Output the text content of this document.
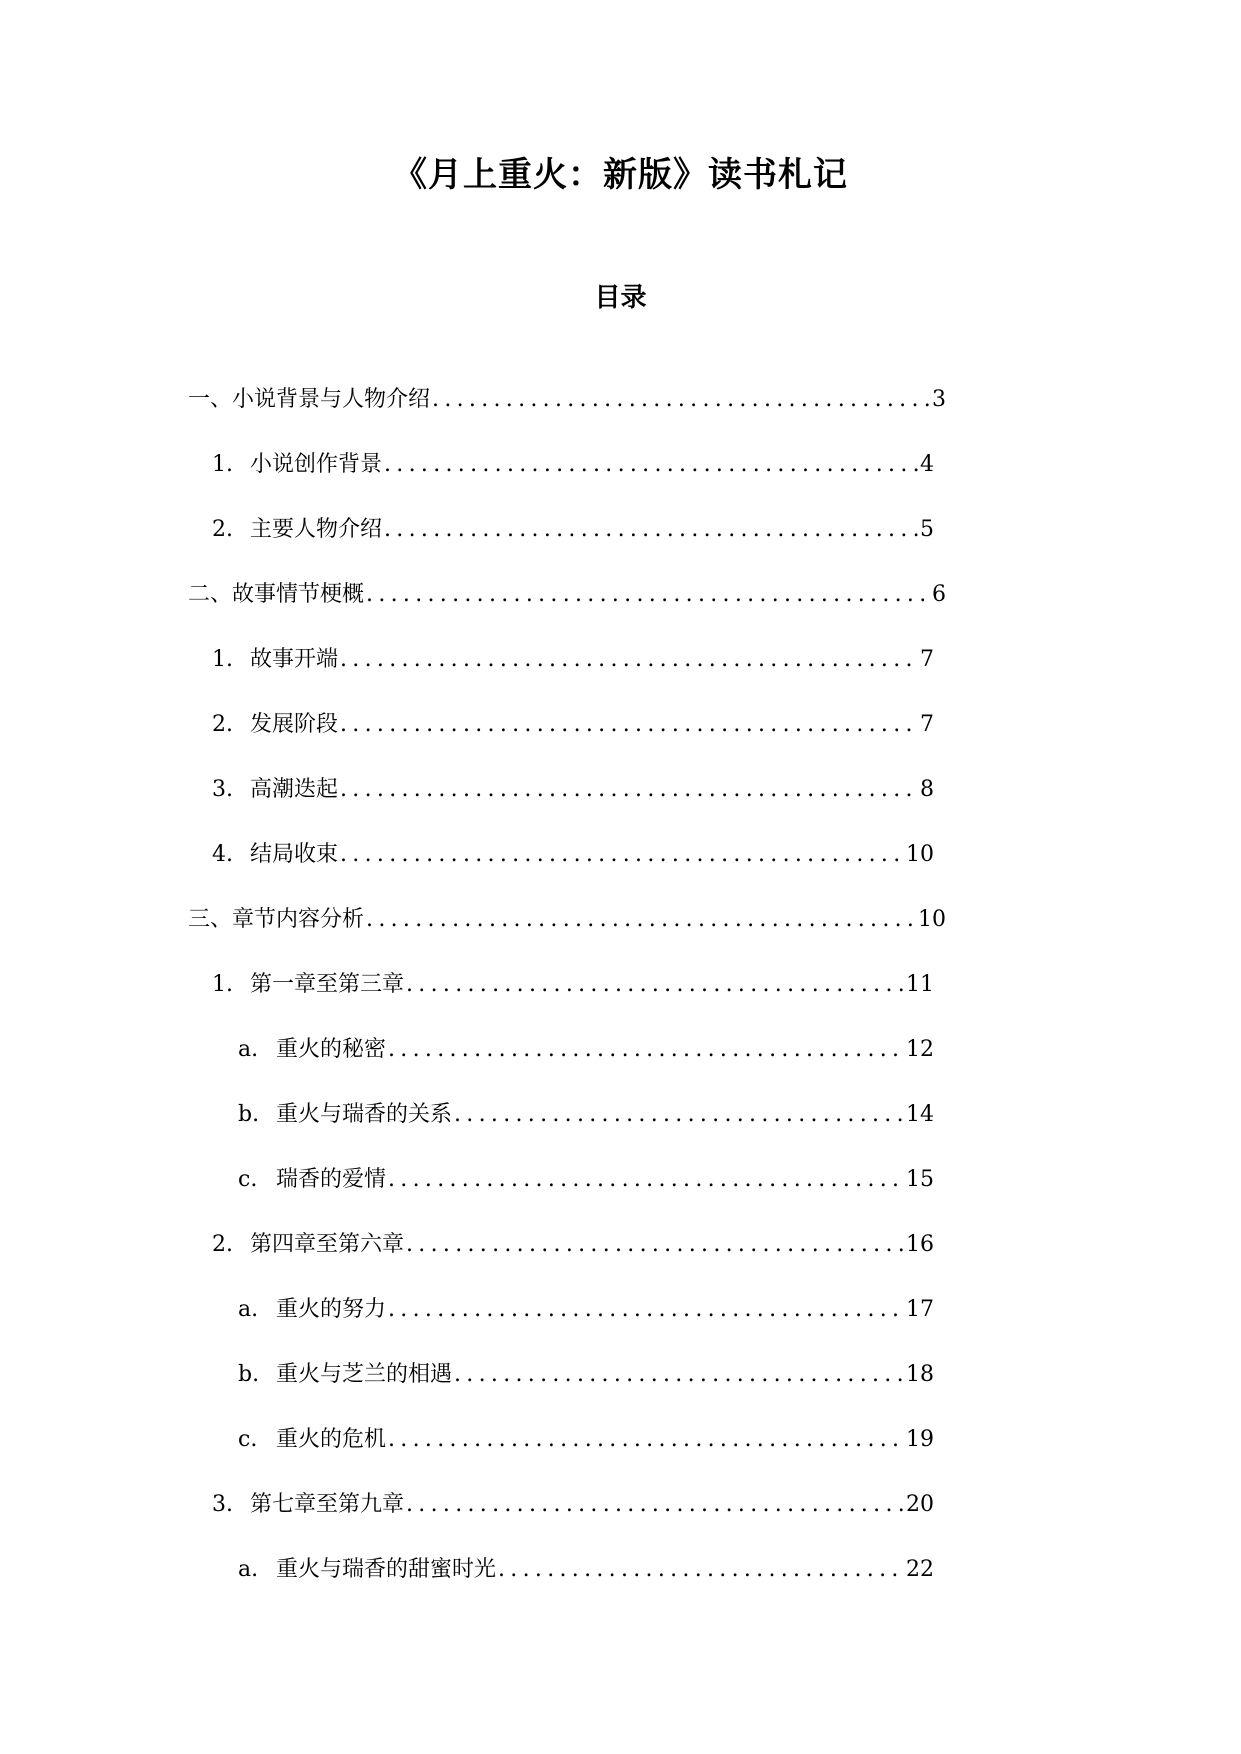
《月上重火：新版》读书札记
目录
一、 小说背景与人物介绍 .....	3
1. 小说创作背景 .....	4
2. 主要人物介绍 .....	5
二、 故事情节梗概 .....	6
1. 故事开端 .....	7
2. 发展阶段 .....	7
3. 高潮迭起 .....	8
4. 结局收束 .....	10
三、 章节内容分析 .....	10
1. 第一章至第三章 .....	11
a. 重火的秘密 .....	12
b. 重火与瑞香的关系 .....	14
c. 瑞香的爱情 .....	15
2. 第四章至第六章 .....	16
a. 重火的努力 .....	17
b. 重火与芝兰的相遇 .....	18
c. 重火的危机 .....	19
3. 第七章至第九章 .....	20
a. 重火与瑞香的甜蜜时光 .....	22
